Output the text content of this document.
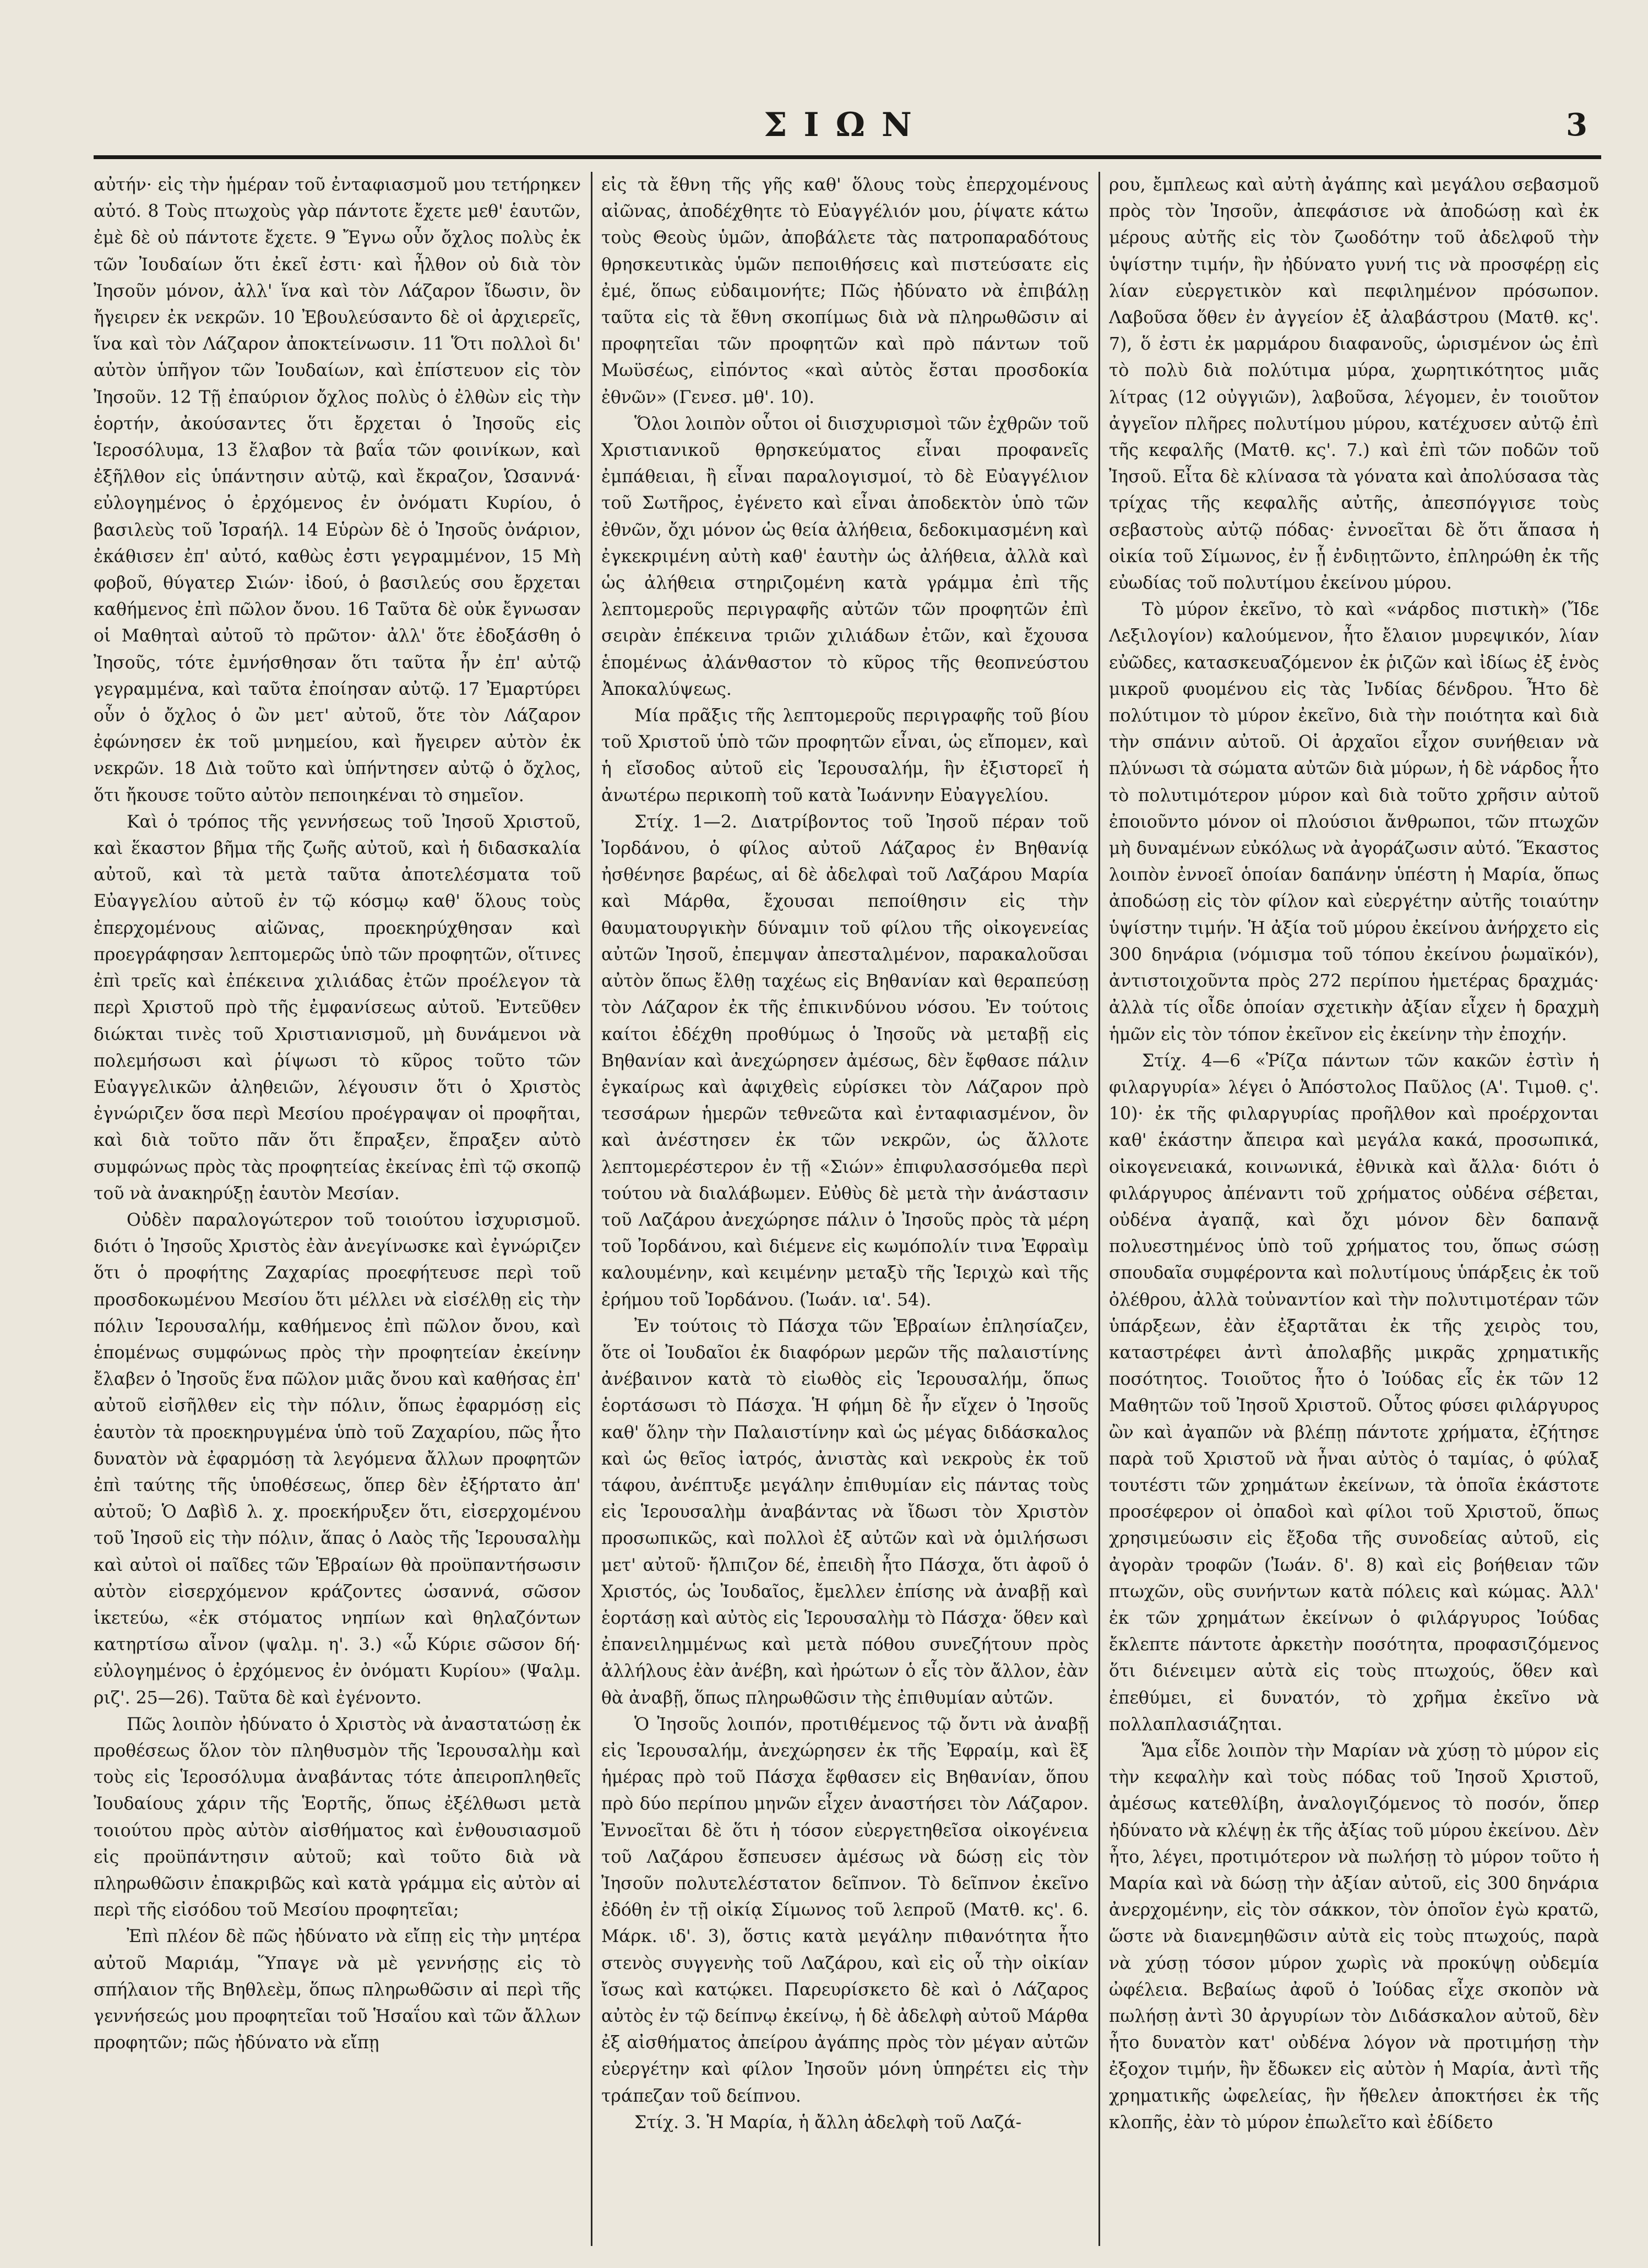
ΣΙΩΝ	3

αὐτήν· εἰς τὴν ἡμέραν τοῦ ἐνταφιασμοῦ μου τετήρηκεν αὐτό. 8 Τοὺς πτωχοὺς γὰρ πάντοτε ἔχετε μεθ' ἑαυτῶν, ἐμὲ δὲ οὐ πάντοτε ἔχετε. 9 Ἔγνω οὖν ὄχλος πολὺς ἐκ τῶν Ἰουδαίων ὅτι ἐκεῖ ἐστι· καὶ ἦλθον οὐ διὰ τὸν Ἰησοῦν μόνον, ἀλλ' ἵνα καὶ τὸν Λάζαρον ἴδωσιν, ὃν ἤγειρεν ἐκ νεκρῶν. 10 Ἐβουλεύσαντο δὲ οἱ ἀρχιερεῖς, ἵνα καὶ τὸν Λάζαρον ἀποκτείνωσιν. 11 Ὅτι πολλοὶ δι' αὐτὸν ὑπῆγον τῶν Ἰουδαίων, καὶ ἐπίστευον εἰς τὸν Ἰησοῦν. 12 Τῇ ἐπαύριον ὄχλος πολὺς ὁ ἐλθὼν εἰς τὴν ἑορτήν, ἀκούσαντες ὅτι ἔρχεται ὁ Ἰησοῦς εἰς Ἱεροσόλυμα, 13 ἔλαβον τὰ βαΐα τῶν φοινίκων, καὶ ἐξῆλθον εἰς ὑπάντησιν αὐτῷ, καὶ ἔκραζον, Ὡσαννά· εὐλογημένος ὁ ἐρχόμενος ἐν ὀνόματι Κυρίου, ὁ βασιλεὺς τοῦ Ἰσραήλ. 14 Εὑρὼν δὲ ὁ Ἰησοῦς ὀνάριον, ἐκάθισεν ἐπ' αὐτό, καθὼς ἐστι γεγραμμένον, 15 Μὴ φοβοῦ, θύγατερ Σιών· ἰδού, ὁ βασιλεύς σου ἔρχεται καθήμενος ἐπὶ πῶλον ὄνου. 16 Ταῦτα δὲ οὐκ ἔγνωσαν οἱ Μαθηταὶ αὐτοῦ τὸ πρῶτον· ἀλλ' ὅτε ἐδοξάσθη ὁ Ἰησοῦς, τότε ἐμνήσθησαν ὅτι ταῦτα ἦν ἐπ' αὐτῷ γεγραμμένα, καὶ ταῦτα ἐποίησαν αὐτῷ. 17 Ἐμαρτύρει οὖν ὁ ὄχλος ὁ ὢν μετ' αὐτοῦ, ὅτε τὸν Λάζαρον ἐφώνησεν ἐκ τοῦ μνημείου, καὶ ἤγειρεν αὐτὸν ἐκ νεκρῶν. 18 Διὰ τοῦτο καὶ ὑπήντησεν αὐτῷ ὁ ὄχλος, ὅτι ἤκουσε τοῦτο αὐτὸν πεποιηκέναι τὸ σημεῖον.

Καὶ ὁ τρόπος τῆς γεννήσεως τοῦ Ἰησοῦ Χριστοῦ, καὶ ἕκαστον βῆμα τῆς ζωῆς αὐτοῦ, καὶ ἡ διδασκαλία αὐτοῦ, καὶ τὰ μετὰ ταῦτα ἀποτελέσματα τοῦ Εὐαγγελίου αὐτοῦ ἐν τῷ κόσμῳ καθ' ὅλους τοὺς ἐπερχομένους αἰῶνας, προεκηρύχθησαν καὶ προεγράφησαν λεπτομερῶς ὑπὸ τῶν προφητῶν, οἵτινες ἐπὶ τρεῖς καὶ ἐπέκεινα χιλιάδας ἐτῶν προέλεγον τὰ περὶ Χριστοῦ πρὸ τῆς ἐμφανίσεως αὐτοῦ. Ἐντεῦθεν διώκται τινὲς τοῦ Χριστιανισμοῦ, μὴ δυνάμενοι νὰ πολεμήσωσι καὶ ῥίψωσι τὸ κῦρος τοῦτο τῶν Εὐαγγελικῶν ἀληθειῶν, λέγουσιν ὅτι ὁ Χριστὸς ἐγνώριζεν ὅσα περὶ Μεσίου προέγραψαν οἱ προφῆται, καὶ διὰ τοῦτο πᾶν ὅτι ἔπραξεν, ἔπραξεν αὐτὸ συμφώνως πρὸς τὰς προφητείας ἐκείνας ἐπὶ τῷ σκοπῷ τοῦ νὰ ἀνακηρύξῃ ἑαυτὸν Μεσίαν.

Οὐδὲν παραλογώτερον τοῦ τοιούτου ἰσχυρισμοῦ. διότι ὁ Ἰησοῦς Χριστὸς ἐὰν ἀνεγίνωσκε καὶ ἐγνώριζεν ὅτι ὁ προφήτης Ζαχαρίας προεφήτευσε περὶ τοῦ προσδοκωμένου Μεσίου ὅτι μέλλει νὰ εἰσέλθῃ εἰς τὴν πόλιν Ἱερουσαλήμ, καθήμενος ἐπὶ πῶλον ὄνου, καὶ ἑπομένως συμφώνως πρὸς τὴν προφητείαν ἐκείνην ἔλαβεν ὁ Ἰησοῦς ἕνα πῶλον μιᾶς ὄνου καὶ καθήσας ἐπ' αὐτοῦ εἰσῆλθεν εἰς τὴν πόλιν, ὅπως ἐφαρμόσῃ εἰς ἑαυτὸν τὰ προεκηρυγμένα ὑπὸ τοῦ Ζαχαρίου, πῶς ἦτο δυνατὸν νὰ ἐφαρμόσῃ τὰ λεγόμενα ἄλλων προφητῶν ἐπὶ ταύτης τῆς ὑποθέσεως, ὅπερ δὲν ἐξήρτατο ἀπ' αὐτοῦ; Ὁ Δαβὶδ λ. χ. προεκήρυξεν ὅτι, εἰσερχομένου τοῦ Ἰησοῦ εἰς τὴν πόλιν, ἅπας ὁ Λαὸς τῆς Ἱερουσαλὴμ καὶ αὐτοὶ οἱ παῖδες τῶν Ἑβραίων θὰ προϋπαντήσωσιν αὐτὸν εἰσερχόμενον κράζοντες ὡσαννά, σῶσον ἱκετεύω, «ἐκ στόματος νηπίων καὶ θηλαζόντων κατηρτίσω αἶνον (ψαλμ. η'. 3.) «ὦ Κύριε σῶσον δή· εὐλογημένος ὁ ἐρχόμενος ἐν ὀνόματι Κυρίου» (Ψαλμ. ριζ'. 25—26). Ταῦτα δὲ καὶ ἐγένοντο.

Πῶς λοιπὸν ἠδύνατο ὁ Χριστὸς νὰ ἀναστατώσῃ ἐκ προθέσεως ὅλον τὸν πληθυσμὸν τῆς Ἱερουσαλὴμ καὶ τοὺς εἰς Ἱεροσόλυμα ἀναβάντας τότε ἀπειροπληθεῖς Ἰουδαίους χάριν τῆς Ἑορτῆς, ὅπως ἐξέλθωσι μετὰ τοιούτου πρὸς αὐτὸν αἰσθήματος καὶ ἐνθουσιασμοῦ εἰς προϋπάντησιν αὐτοῦ; καὶ τοῦτο διὰ νὰ πληρωθῶσιν ἐπακριβῶς καὶ κατὰ γράμμα εἰς αὐτὸν αἱ περὶ τῆς εἰσόδου τοῦ Μεσίου προφητεῖαι;

Ἐπὶ πλέον δὲ πῶς ἠδύνατο νὰ εἴπῃ εἰς τὴν μητέρα αὐτοῦ Μαριάμ, Ὕπαγε νὰ μὲ γεννήσῃς εἰς τὸ σπήλαιον τῆς Βηθλεὲμ, ὅπως πληρωθῶσιν αἱ περὶ τῆς γεννήσεώς μου προφητεῖαι τοῦ Ἡσαΐου καὶ τῶν ἄλλων προφητῶν; πῶς ἠδύνατο νὰ εἴπῃ

εἰς τὰ ἔθνη τῆς γῆς καθ' ὅλους τοὺς ἐπερχομένους αἰῶνας, ἀποδέχθητε τὸ Εὐαγγέλιόν μου, ῥίψατε κάτω τοὺς Θεοὺς ὑμῶν, ἀποβάλετε τὰς πατροπαραδότους θρησκευτικὰς ὑμῶν πεποιθήσεις καὶ πιστεύσατε εἰς ἐμέ, ὅπως εὐδαιμονήτε; Πῶς ἠδύνατο νὰ ἐπιβάλῃ ταῦτα εἰς τὰ ἔθνη σκοπίμως διὰ νὰ πληρωθῶσιν αἱ προφητεῖαι τῶν προφητῶν καὶ πρὸ πάντων τοῦ Μωϋσέως, εἰπόντος «καὶ αὐτὸς ἔσται προσδοκία ἐθνῶν» (Γενεσ. μθ'. 10).

Ὅλοι λοιπὸν οὗτοι οἱ διισχυρισμοὶ τῶν ἐχθρῶν τοῦ Χριστιανικοῦ θρησκεύματος εἶναι προφανεῖς ἐμπάθειαι, ἢ εἶναι παραλογισμοί, τὸ δὲ Εὐαγγέλιον τοῦ Σωτῆρος, ἐγένετο καὶ εἶναι ἀποδεκτὸν ὑπὸ τῶν ἐθνῶν, ὄχι μόνον ὡς θεία ἀλήθεια, δεδοκιμασμένη καὶ ἐγκεκριμένη αὐτὴ καθ' ἑαυτὴν ὡς ἀλήθεια, ἀλλὰ καὶ ὡς ἀλήθεια στηριζομένη κατὰ γράμμα ἐπὶ τῆς λεπτομεροῦς περιγραφῆς αὐτῶν τῶν προφητῶν ἐπὶ σειρὰν ἐπέκεινα τριῶν χιλιάδων ἐτῶν, καὶ ἔχουσα ἑπομένως ἀλάνθαστον τὸ κῦρος τῆς θεοπνεύστου Ἀποκαλύψεως.

Μία πρᾶξις τῆς λεπτομεροῦς περιγραφῆς τοῦ βίου τοῦ Χριστοῦ ὑπὸ τῶν προφητῶν εἶναι, ὡς εἴπομεν, καὶ ἡ εἴσοδος αὐτοῦ εἰς Ἱερουσαλήμ, ἣν ἐξιστορεῖ ἡ ἀνωτέρω περικοπὴ τοῦ κατὰ Ἰωάννην Εὐαγγελίου.

Στίχ. 1—2. Διατρίβοντος τοῦ Ἰησοῦ πέραν τοῦ Ἰορδάνου, ὁ φίλος αὐτοῦ Λάζαρος ἐν Βηθανίᾳ ἠσθένησε βαρέως, αἱ δὲ ἀδελφαὶ τοῦ Λαζάρου Μαρία καὶ Μάρθα, ἔχουσαι πεποίθησιν εἰς τὴν θαυματουργικὴν δύναμιν τοῦ φίλου τῆς οἰκογενείας αὐτῶν Ἰησοῦ, ἐπεμψαν ἀπεσταλμένον, παρακαλοῦσαι αὐτὸν ὅπως ἔλθῃ ταχέως εἰς Βηθανίαν καὶ θεραπεύσῃ τὸν Λάζαρον ἐκ τῆς ἐπικινδύνου νόσου. Ἐν τούτοις καίτοι ἐδέχθη προθύμως ὁ Ἰησοῦς νὰ μεταβῇ εἰς Βηθανίαν καὶ ἀνεχώρησεν ἀμέσως, δὲν ἔφθασε πάλιν ἐγκαίρως καὶ ἀφιχθεὶς εὑρίσκει τὸν Λάζαρον πρὸ τεσσάρων ἡμερῶν τεθνεῶτα καὶ ἐνταφιασμένον, ὃν καὶ ἀνέστησεν ἐκ τῶν νεκρῶν, ὡς ἄλλοτε λεπτομερέστερον ἐν τῇ «Σιών» ἐπιφυλασσόμεθα περὶ τούτου νὰ διαλάβωμεν. Εὐθὺς δὲ μετὰ τὴν ἀνάστασιν τοῦ Λαζάρου ἀνεχώρησε πάλιν ὁ Ἰησοῦς πρὸς τὰ μέρη τοῦ Ἰορδάνου, καὶ διέμενε εἰς κωμόπολίν τινα Ἐφραὶμ καλουμένην, καὶ κειμένην μεταξὺ τῆς Ἱεριχὼ καὶ τῆς ἐρήμου τοῦ Ἰορδάνου. (Ἰωάν. ια'. 54).

Ἐν τούτοις τὸ Πάσχα τῶν Ἑβραίων ἐπλησίαζεν, ὅτε οἱ Ἰουδαῖοι ἐκ διαφόρων μερῶν τῆς παλαιστίνης ἀνέβαινον κατὰ τὸ εἰωθὸς εἰς Ἱερουσαλήμ, ὅπως ἑορτάσωσι τὸ Πάσχα. Ἡ φήμη δὲ ἦν εἴχεν ὁ Ἰησοῦς καθ' ὅλην τὴν Παλαιστίνην καὶ ὡς μέγας διδάσκαλος καὶ ὡς θεῖος ἰατρός, ἀνιστὰς καὶ νεκροὺς ἐκ τοῦ τάφου, ἀνέπτυξε μεγάλην ἐπιθυμίαν εἰς πάντας τοὺς εἰς Ἱερουσαλὴμ ἀναβάντας νὰ ἴδωσι τὸν Χριστὸν προσωπικῶς, καὶ πολλοὶ ἐξ αὐτῶν καὶ νὰ ὁμιλήσωσι μετ' αὐτοῦ· ἤλπιζον δέ, ἐπειδὴ ἦτο Πάσχα, ὅτι ἀφοῦ ὁ Χριστός, ὡς Ἰουδαῖος, ἔμελλεν ἐπίσης νὰ ἀναβῇ καὶ ἑορτάσῃ καὶ αὐτὸς εἰς Ἱερουσαλὴμ τὸ Πάσχα· ὅθεν καὶ ἐπανειλημμένως καὶ μετὰ πόθου συνεζήτουν πρὸς ἀλλήλους ἐὰν ἀνέβη, καὶ ἠρώτων ὁ εἷς τὸν ἄλλον, ἐὰν θὰ ἀναβῇ, ὅπως πληρωθῶσιν τὴς ἐπιθυμίαν αὐτῶν.

Ὁ Ἰησοῦς λοιπόν, προτιθέμενος τῷ ὄντι νὰ ἀναβῇ εἰς Ἱερουσαλήμ, ἀνεχώρησεν ἐκ τῆς Ἐφραίμ, καὶ ἓξ ἡμέρας πρὸ τοῦ Πάσχα ἔφθασεν εἰς Βηθανίαν, ὅπου πρὸ δύο περίπου μηνῶν εἶχεν ἀναστήσει τὸν Λάζαρον. Ἐννοεῖται δὲ ὅτι ἡ τόσον εὐεργετηθεῖσα οἰκογένεια τοῦ Λαζάρου ἔσπευσεν ἀμέσως νὰ δώσῃ εἰς τὸν Ἰησοῦν πολυτελέστατον δεῖπνον. Τὸ δεῖπνον ἐκεῖνο ἐδόθη ἐν τῇ οἰκίᾳ Σίμωνος τοῦ λεπροῦ (Ματθ. κς'. 6. Μάρκ. ιδ'. 3), ὅστις κατὰ μεγάλην πιθανότητα ἦτο στενὸς συγγενὴς τοῦ Λαζάρου, καὶ εἰς οὗ τὴν οἰκίαν ἴσως καὶ κατῴκει. Παρευρίσκετο δὲ καὶ ὁ Λάζαρος αὐτὸς ἐν τῷ δείπνῳ ἐκείνῳ, ἡ δὲ ἀδελφὴ αὐτοῦ Μάρθα ἐξ αἰσθήματος ἀπείρου ἀγάπης πρὸς τὸν μέγαν αὐτῶν εὐεργέτην καὶ φίλον Ἰησοῦν μόνη ὑπηρέτει εἰς τὴν τράπεζαν τοῦ δείπνου.

Στίχ. 3. Ἡ Μαρία, ἡ ἄλλη ἀδελφὴ τοῦ Λαζά-

ρου, ἔμπλεως καὶ αὐτὴ ἀγάπης καὶ μεγάλου σεβασμοῦ πρὸς τὸν Ἰησοῦν, ἀπεφάσισε νὰ ἀποδώσῃ καὶ ἐκ μέρους αὐτῆς εἰς τὸν ζωοδότην τοῦ ἀδελφοῦ τὴν ὑψίστην τιμήν, ἣν ἠδύνατο γυνή τις νὰ προσφέρῃ εἰς λίαν εὐεργετικὸν καὶ πεφιλημένον πρόσωπον. Λαβοῦσα ὅθεν ἐν ἀγγείον ἐξ ἀλαβάστρου (Ματθ. κς'. 7), ὅ ἐστι ἐκ μαρμάρου διαφανοῦς, ὡρισμένον ὡς ἐπὶ τὸ πολὺ διὰ πολύτιμα μύρα, χωρητικότητος μιᾶς λίτρας (12 οὐγγιῶν), λαβοῦσα, λέγομεν, ἐν τοιοῦτον ἀγγεῖον πλῆρες πολυτίμου μύρου, κατέχυσεν αὐτῷ ἐπὶ τῆς κεφαλῆς (Ματθ. κς'. 7.) καὶ ἐπὶ τῶν ποδῶν τοῦ Ἰησοῦ. Εἶτα δὲ κλίνασα τὰ γόνατα καὶ ἀπολύσασα τὰς τρίχας τῆς κεφαλῆς αὐτῆς, ἀπεσπόγγισε τοὺς σεβαστοὺς αὐτῷ πόδας· ἐννοεῖται δὲ ὅτι ἅπασα ἡ οἰκία τοῦ Σίμωνος, ἐν ᾗ ἐνδιῃτῶντο, ἐπληρώθη ἐκ τῆς εὐωδίας τοῦ πολυτίμου ἐκείνου μύρου.

Τὸ μύρον ἐκεῖνο, τὸ καὶ «νάρδος πιστικὴ» (Ἴδε Λεξιλογίον) καλούμενον, ἦτο ἔλαιον μυρεψικόν, λίαν εὐῶδες, κατασκευαζόμενον ἐκ ῥιζῶν καὶ ἰδίως ἐξ ἑνὸς μικροῦ φυομένου εἰς τὰς Ἰνδίας δένδρου. Ἦτο δὲ πολύτιμον τὸ μύρον ἐκεῖνο, διὰ τὴν ποιότητα καὶ διὰ τὴν σπάνιν αὐτοῦ. Οἱ ἀρχαῖοι εἶχον συνήθειαν νὰ πλύνωσι τὰ σώματα αὐτῶν διὰ μύρων, ἡ δὲ νάρδος ἦτο τὸ πολυτιμότερον μύρον καὶ διὰ τοῦτο χρῆσιν αὐτοῦ ἐποιοῦντο μόνον οἱ πλούσιοι ἄνθρωποι, τῶν πτωχῶν μὴ δυναμένων εὐκόλως νὰ ἀγοράζωσιν αὐτό. Ἕκαστος λοιπὸν ἐννοεῖ ὁποίαν δαπάνην ὑπέστη ἡ Μαρία, ὅπως ἀποδώσῃ εἰς τὸν φίλον καὶ εὐεργέτην αὐτῆς τοιαύτην ὑψίστην τιμήν. Ἡ ἀξία τοῦ μύρου ἐκείνου ἀνήρχετο εἰς 300 δηνάρια (νόμισμα τοῦ τόπου ἐκείνου ῥωμαϊκόν), ἀντιστοιχοῦντα πρὸς 272 περίπου ἡμετέρας δραχμάς· ἀλλὰ τίς οἶδε ὁποίαν σχετικὴν ἀξίαν εἶχεν ἡ δραχμὴ ἡμῶν εἰς τὸν τόπον ἐκεῖνον εἰς ἐκείνην τὴν ἐποχήν.

Στίχ. 4—6 «Ῥίζα πάντων τῶν κακῶν ἐστὶν ἡ φιλαργυρία» λέγει ὁ Ἀπόστολος Παῦλος (Α'. Τιμοθ. ς'. 10)· ἐκ τῆς φιλαργυρίας προῆλθον καὶ προέρχονται καθ' ἑκάστην ἄπειρα καὶ μεγάλα κακά, προσωπικά, οἰκογενειακά, κοινωνικά, ἐθνικὰ καὶ ἄλλα· διότι ὁ φιλάργυρος ἀπέναντι τοῦ χρήματος οὐδένα σέβεται, οὐδένα ἀγαπᾷ, καὶ ὄχι μόνον δὲν δαπανᾷ πολυεστημένος ὑπὸ τοῦ χρήματος του, ὅπως σώσῃ σπουδαῖα συμφέροντα καὶ πολυτίμους ὑπάρξεις ἐκ τοῦ ὀλέθρου, ἀλλὰ τοὐναντίον καὶ τὴν πολυτιμοτέραν τῶν ὑπάρξεων, ἐὰν ἐξαρτᾶται ἐκ τῆς χειρὸς του, καταστρέφει ἀντὶ ἀπολαβῆς μικρᾶς χρηματικῆς ποσότητος. Τοιοῦτος ἦτο ὁ Ἰούδας εἷς ἐκ τῶν 12 Μαθητῶν τοῦ Ἰησοῦ Χριστοῦ. Οὗτος φύσει φιλάργυρος ὢν καὶ ἀγαπῶν νὰ βλέπῃ πάντοτε χρήματα, ἐζήτησε παρὰ τοῦ Χριστοῦ νὰ ἦναι αὐτὸς ὁ ταμίας, ὁ φύλαξ τουτέστι τῶν χρημάτων ἐκείνων, τὰ ὁποῖα ἑκάστοτε προσέφερον οἱ ὀπαδοὶ καὶ φίλοι τοῦ Χριστοῦ, ὅπως χρησιμεύωσιν εἰς ἔξοδα τῆς συνοδείας αὐτοῦ, εἰς ἀγορὰν τροφῶν (Ἰωάν. δ'. 8) καὶ εἰς βοήθειαν τῶν πτωχῶν, οὓς συνήντων κατὰ πόλεις καὶ κώμας. Ἀλλ' ἐκ τῶν χρημάτων ἐκείνων ὁ φιλάργυρος Ἰούδας ἔκλεπτε πάντοτε ἀρκετὴν ποσότητα, προφασιζόμενος ὅτι διένειμεν αὐτὰ εἰς τοὺς πτωχούς, ὅθεν καὶ ἐπεθύμει, εἰ δυνατόν, τὸ χρῆμα ἐκεῖνο νὰ πολλαπλασιάζηται.

Ἅμα εἶδε λοιπὸν τὴν Μαρίαν νὰ χύσῃ τὸ μύρον εἰς τὴν κεφαλὴν καὶ τοὺς πόδας τοῦ Ἰησοῦ Χριστοῦ, ἀμέσως κατεθλίβη, ἀναλογιζόμενος τὸ ποσόν, ὅπερ ἠδύνατο νὰ κλέψῃ ἐκ τῆς ἀξίας τοῦ μύρου ἐκείνου. Δὲν ἦτο, λέγει, προτιμότερον νὰ πωλήσῃ τὸ μύρον τοῦτο ἡ Μαρία καὶ νὰ δώσῃ τὴν ἀξίαν αὐτοῦ, εἰς 300 δηνάρια ἀνερχομένην, εἰς τὸν σάκκον, τὸν ὁποῖον ἐγὼ κρατῶ, ὥστε νὰ διανεμηθῶσιν αὐτὰ εἰς τοὺς πτωχούς, παρὰ νὰ χύσῃ τόσον μύρον χωρὶς νὰ προκύψῃ οὐδεμία ὠφέλεια. Βεβαίως ἀφοῦ ὁ Ἰούδας εἶχε σκοπὸν νὰ πωλήσῃ ἀντὶ 30 ἀργυρίων τὸν Διδάσκαλον αὐτοῦ, δὲν ἦτο δυνατὸν κατ' οὐδένα λόγον νὰ προτιμήσῃ τὴν ἐξοχον τιμήν, ἣν ἔδωκεν εἰς αὐτὸν ἡ Μαρία, ἀντὶ τῆς χρηματικῆς ὠφελείας, ἣν ἤθελεν ἀποκτήσει ἐκ τῆς κλοπῆς, ἐὰν τὸ μύρον ἐπωλεῖτο καὶ ἐδίδετο
